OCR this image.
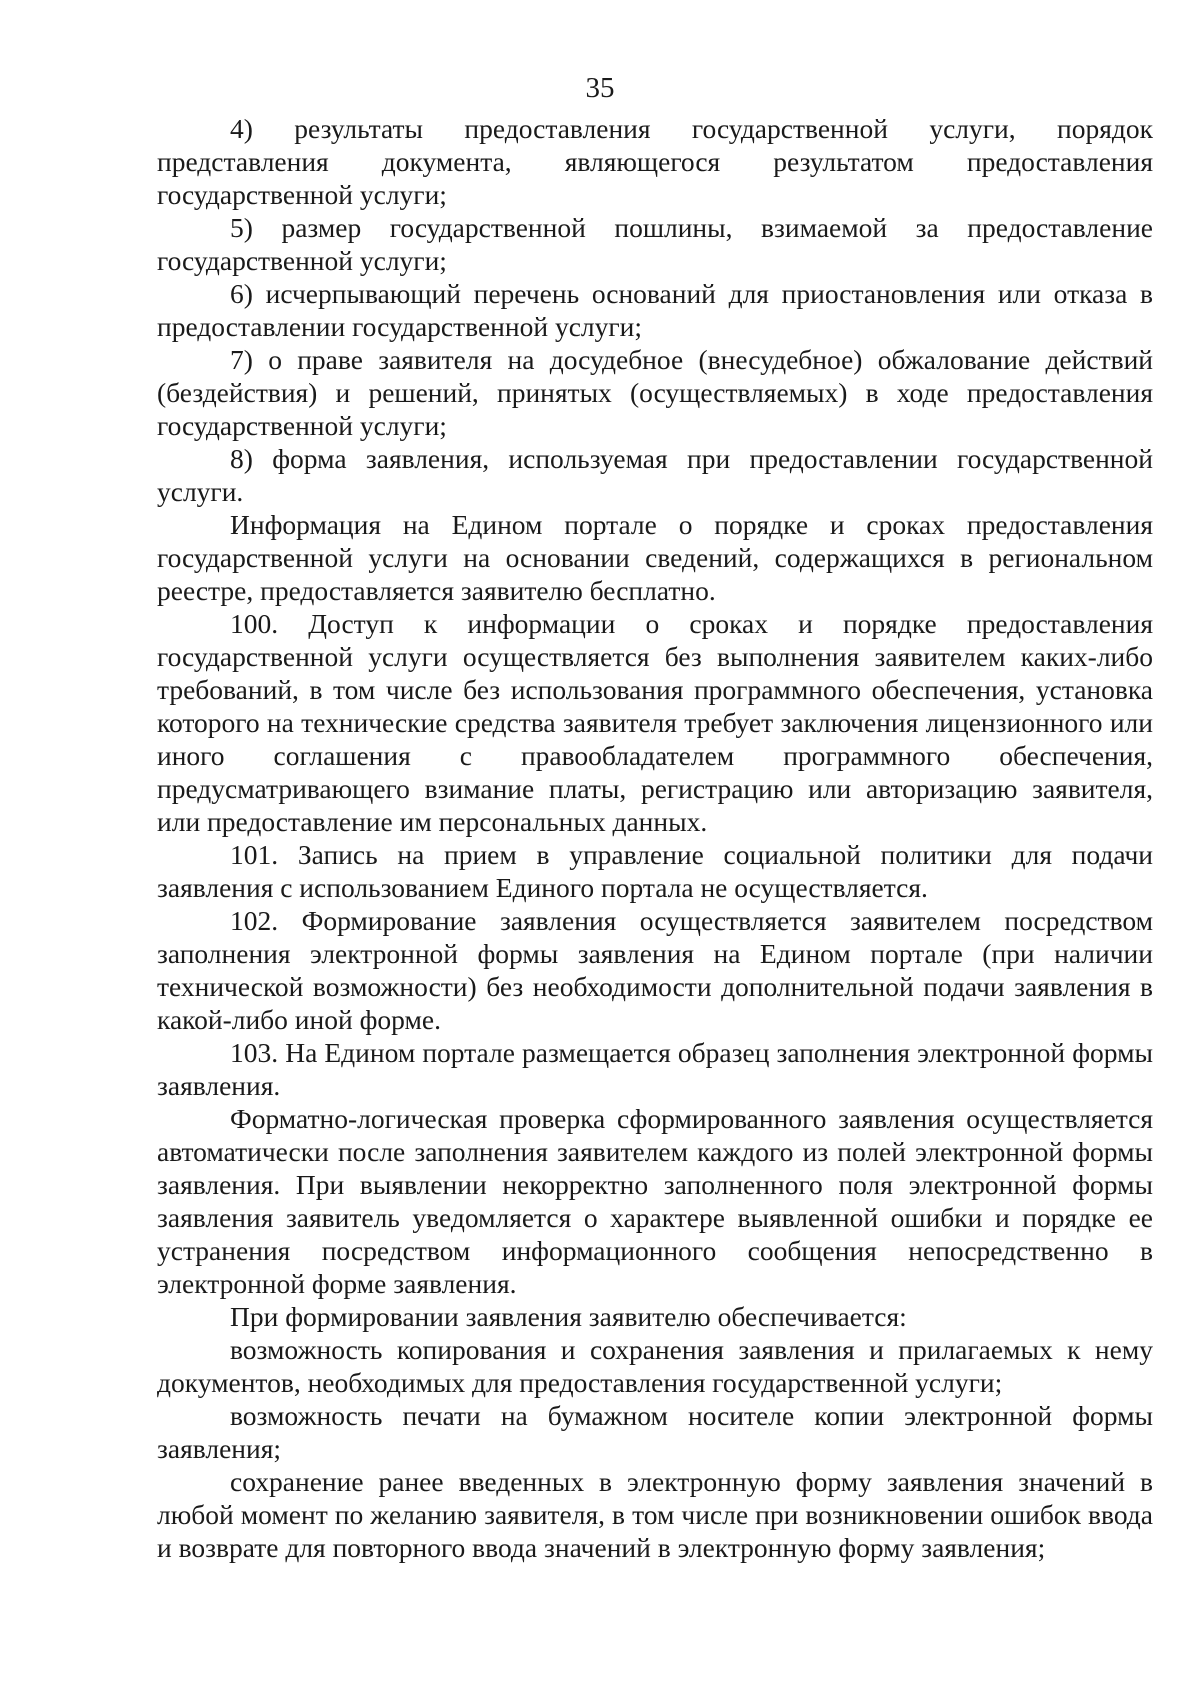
35

4) результаты предоставления государственной услуги, порядок представления документа, являющегося результатом предоставления государственной услуги;

5) размер государственной пошлины, взимаемой за предоставление государственной услуги;

6) исчерпывающий перечень оснований для приостановления или отказа в предоставлении государственной услуги;

7) о праве заявителя на досудебное (внесудебное) обжалование действий (бездействия) и решений, принятых (осуществляемых) в ходе предоставления государственной услуги;

8) форма заявления, используемая при предоставлении государственной услуги.

Информация на Едином портале о порядке и сроках предоставления государственной услуги на основании сведений, содержащихся в региональном реестре, предоставляется заявителю бесплатно.

100. Доступ к информации о сроках и порядке предоставления государственной услуги осуществляется без выполнения заявителем каких-либо требований, в том числе без использования программного обеспечения, установка которого на технические средства заявителя требует заключения лицензионного или иного соглашения с правообладателем программного обеспечения, предусматривающего взимание платы, регистрацию или авторизацию заявителя, или предоставление им персональных данных.

101. Запись на прием в управление социальной политики для подачи заявления с использованием Единого портала не осуществляется.

102. Формирование заявления осуществляется заявителем посредством заполнения электронной формы заявления на Едином портале (при наличии технической возможности) без необходимости дополнительной подачи заявления в какой-либо иной форме.

103. На Едином портале размещается образец заполнения электронной формы заявления.

Форматно-логическая проверка сформированного заявления осуществляется автоматически после заполнения заявителем каждого из полей электронной формы заявления. При выявлении некорректно заполненного поля электронной формы заявления заявитель уведомляется о характере выявленной ошибки и порядке ее устранения посредством информационного сообщения непосредственно в электронной форме заявления.

При формировании заявления заявителю обеспечивается:

возможность копирования и сохранения заявления и прилагаемых к нему документов, необходимых для предоставления государственной услуги;

возможность печати на бумажном носителе копии электронной формы заявления;

сохранение ранее введенных в электронную форму заявления значений в любой момент по желанию заявителя, в том числе при возникновении ошибок ввода и возврате для повторного ввода значений в электронную форму заявления;
